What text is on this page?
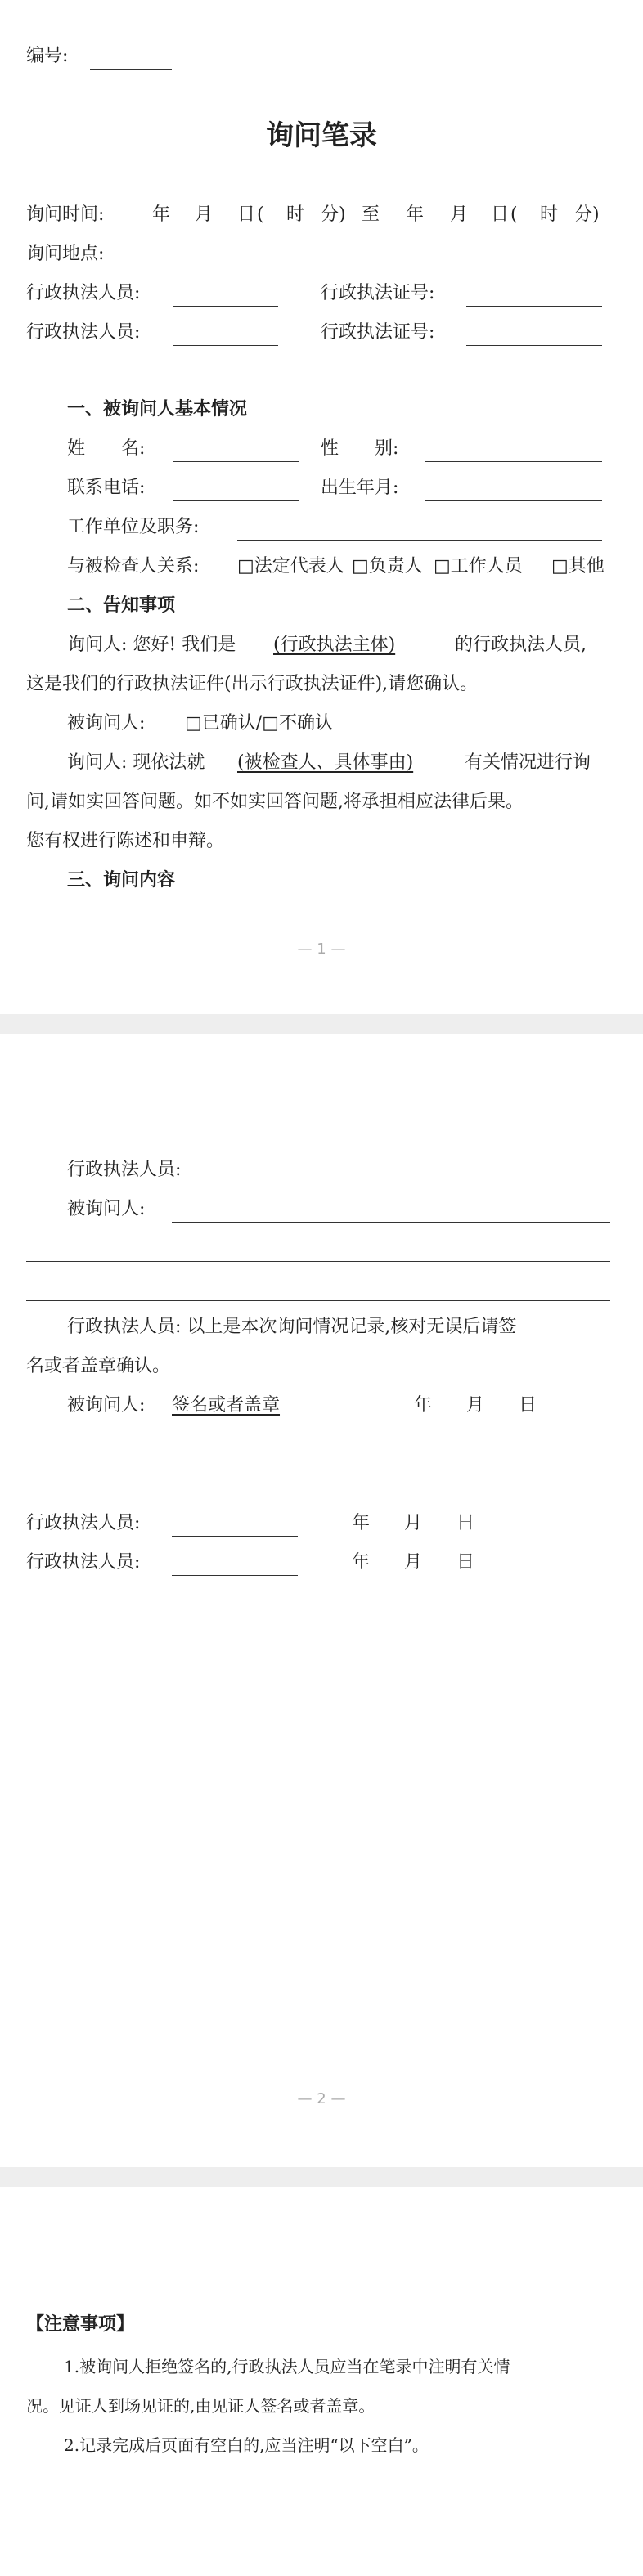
编号:
询问笔录
询问时间:	年 月 日 ( 时 分) 至 年 月 日 ( 时 分)
询问地点:
行政执法人员:	行政执法证号:
行政执法人员:	行政执法证号:
一、被询问人基本情况
姓　　名:	性　　别:
联系电话:	出生年月:
工作单位及职务:
与被检查人关系: □法定代表人 □负责人 □工作人员 □其他
二、告知事项
询问人: 您好! 我们是 (行政执法主体)	的行政执法人员,
这是我们的行政执法证件(出示行政执法证件),请您确认。
被询问人: □已确认/□不确认
询问人: 现依法就 (被检查人、具体事由)	有关情况进行询
问,请如实回答问题。如不如实回答问题,将承担相应法律后果。
您有权进行陈述和申辩。
三、询问内容
— 1 —
行政执法人员:
被询问人:
行政执法人员: 以上是本次询问情况记录,核对无误后请签
名或者盖章确认。
被询问人: 签名或者盖章	年 月 日
行政执法人员:	年 月 日
行政执法人员:	年 月 日
— 2 —
【注意事项】
1.被询问人拒绝签名的,行政执法人员应当在笔录中注明有关情
况。见证人到场见证的,由见证人签名或者盖章。
2.记录完成后页面有空白的,应当注明“以下空白”。
